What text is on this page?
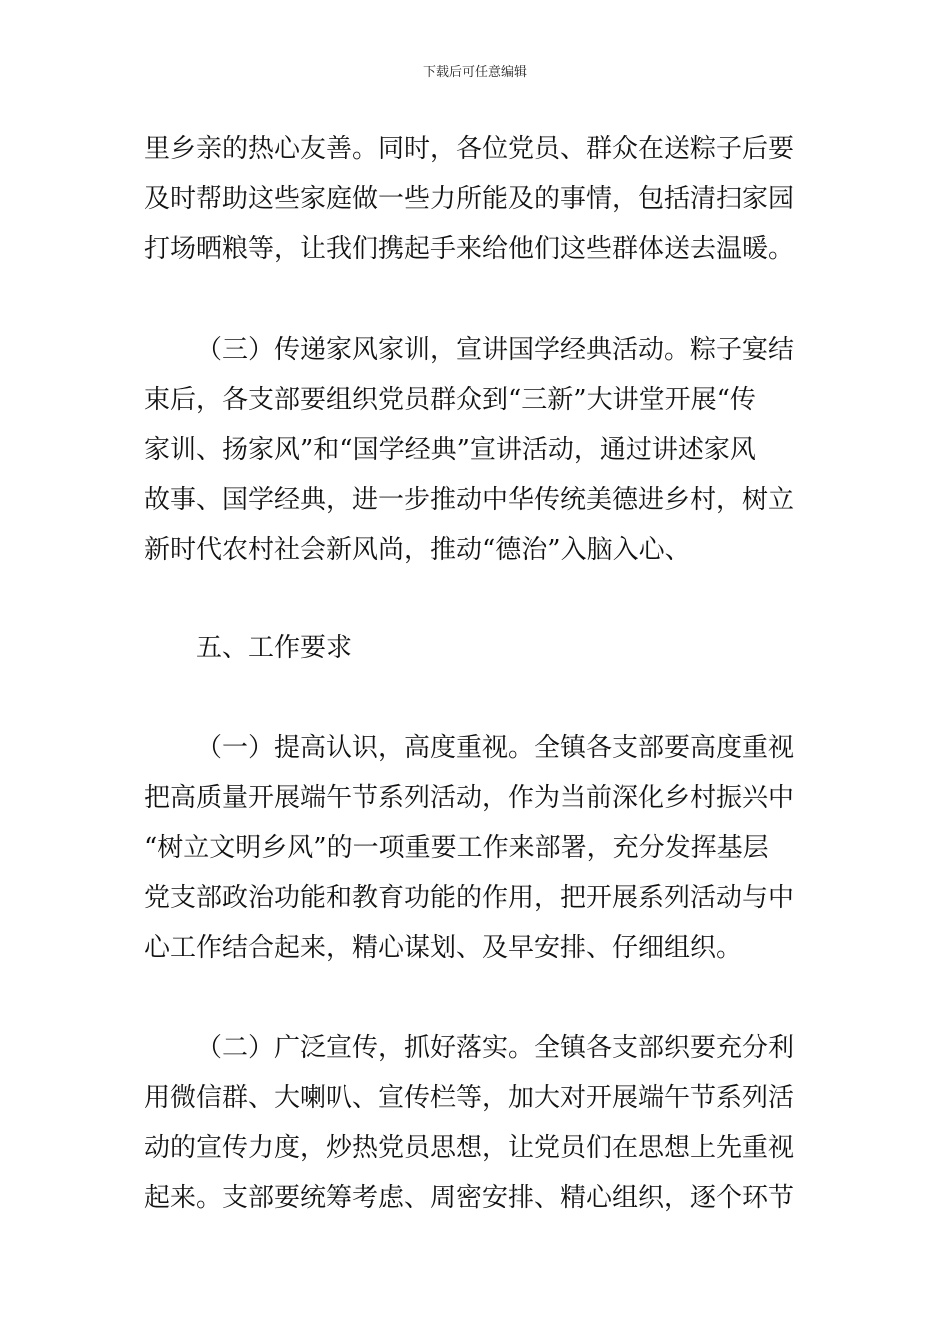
下载后可任意编辑
里乡亲的热心友善。同时，各位党员、群众在送粽子后要
及时帮助这些家庭做一些力所能及的事情，包括清扫家园
打场晒粮等，让我们携起手来给他们这些群体送去温暖。
（三）传递家风家训，宣讲国学经典活动。粽子宴结
束后，各支部要组织党员群众到“三新”大讲堂开展“传
家训、扬家风”和“国学经典”宣讲活动，通过讲述家风
故事、国学经典，进一步推动中华传统美德进乡村，树立
新时代农村社会新风尚，推动“德治”入脑入心、
五、工作要求
（一）提高认识，高度重视。全镇各支部要高度重视
把高质量开展端午节系列活动，作为当前深化乡村振兴中
“树立文明乡风”的一项重要工作来部署，充分发挥基层
党支部政治功能和教育功能的作用，把开展系列活动与中
心工作结合起来，精心谋划、及早安排、仔细组织。
（二）广泛宣传，抓好落实。全镇各支部织要充分利
用微信群、大喇叭、宣传栏等，加大对开展端午节系列活
动的宣传力度，炒热党员思想，让党员们在思想上先重视
起来。支部要统筹考虑、周密安排、精心组织，逐个环节
